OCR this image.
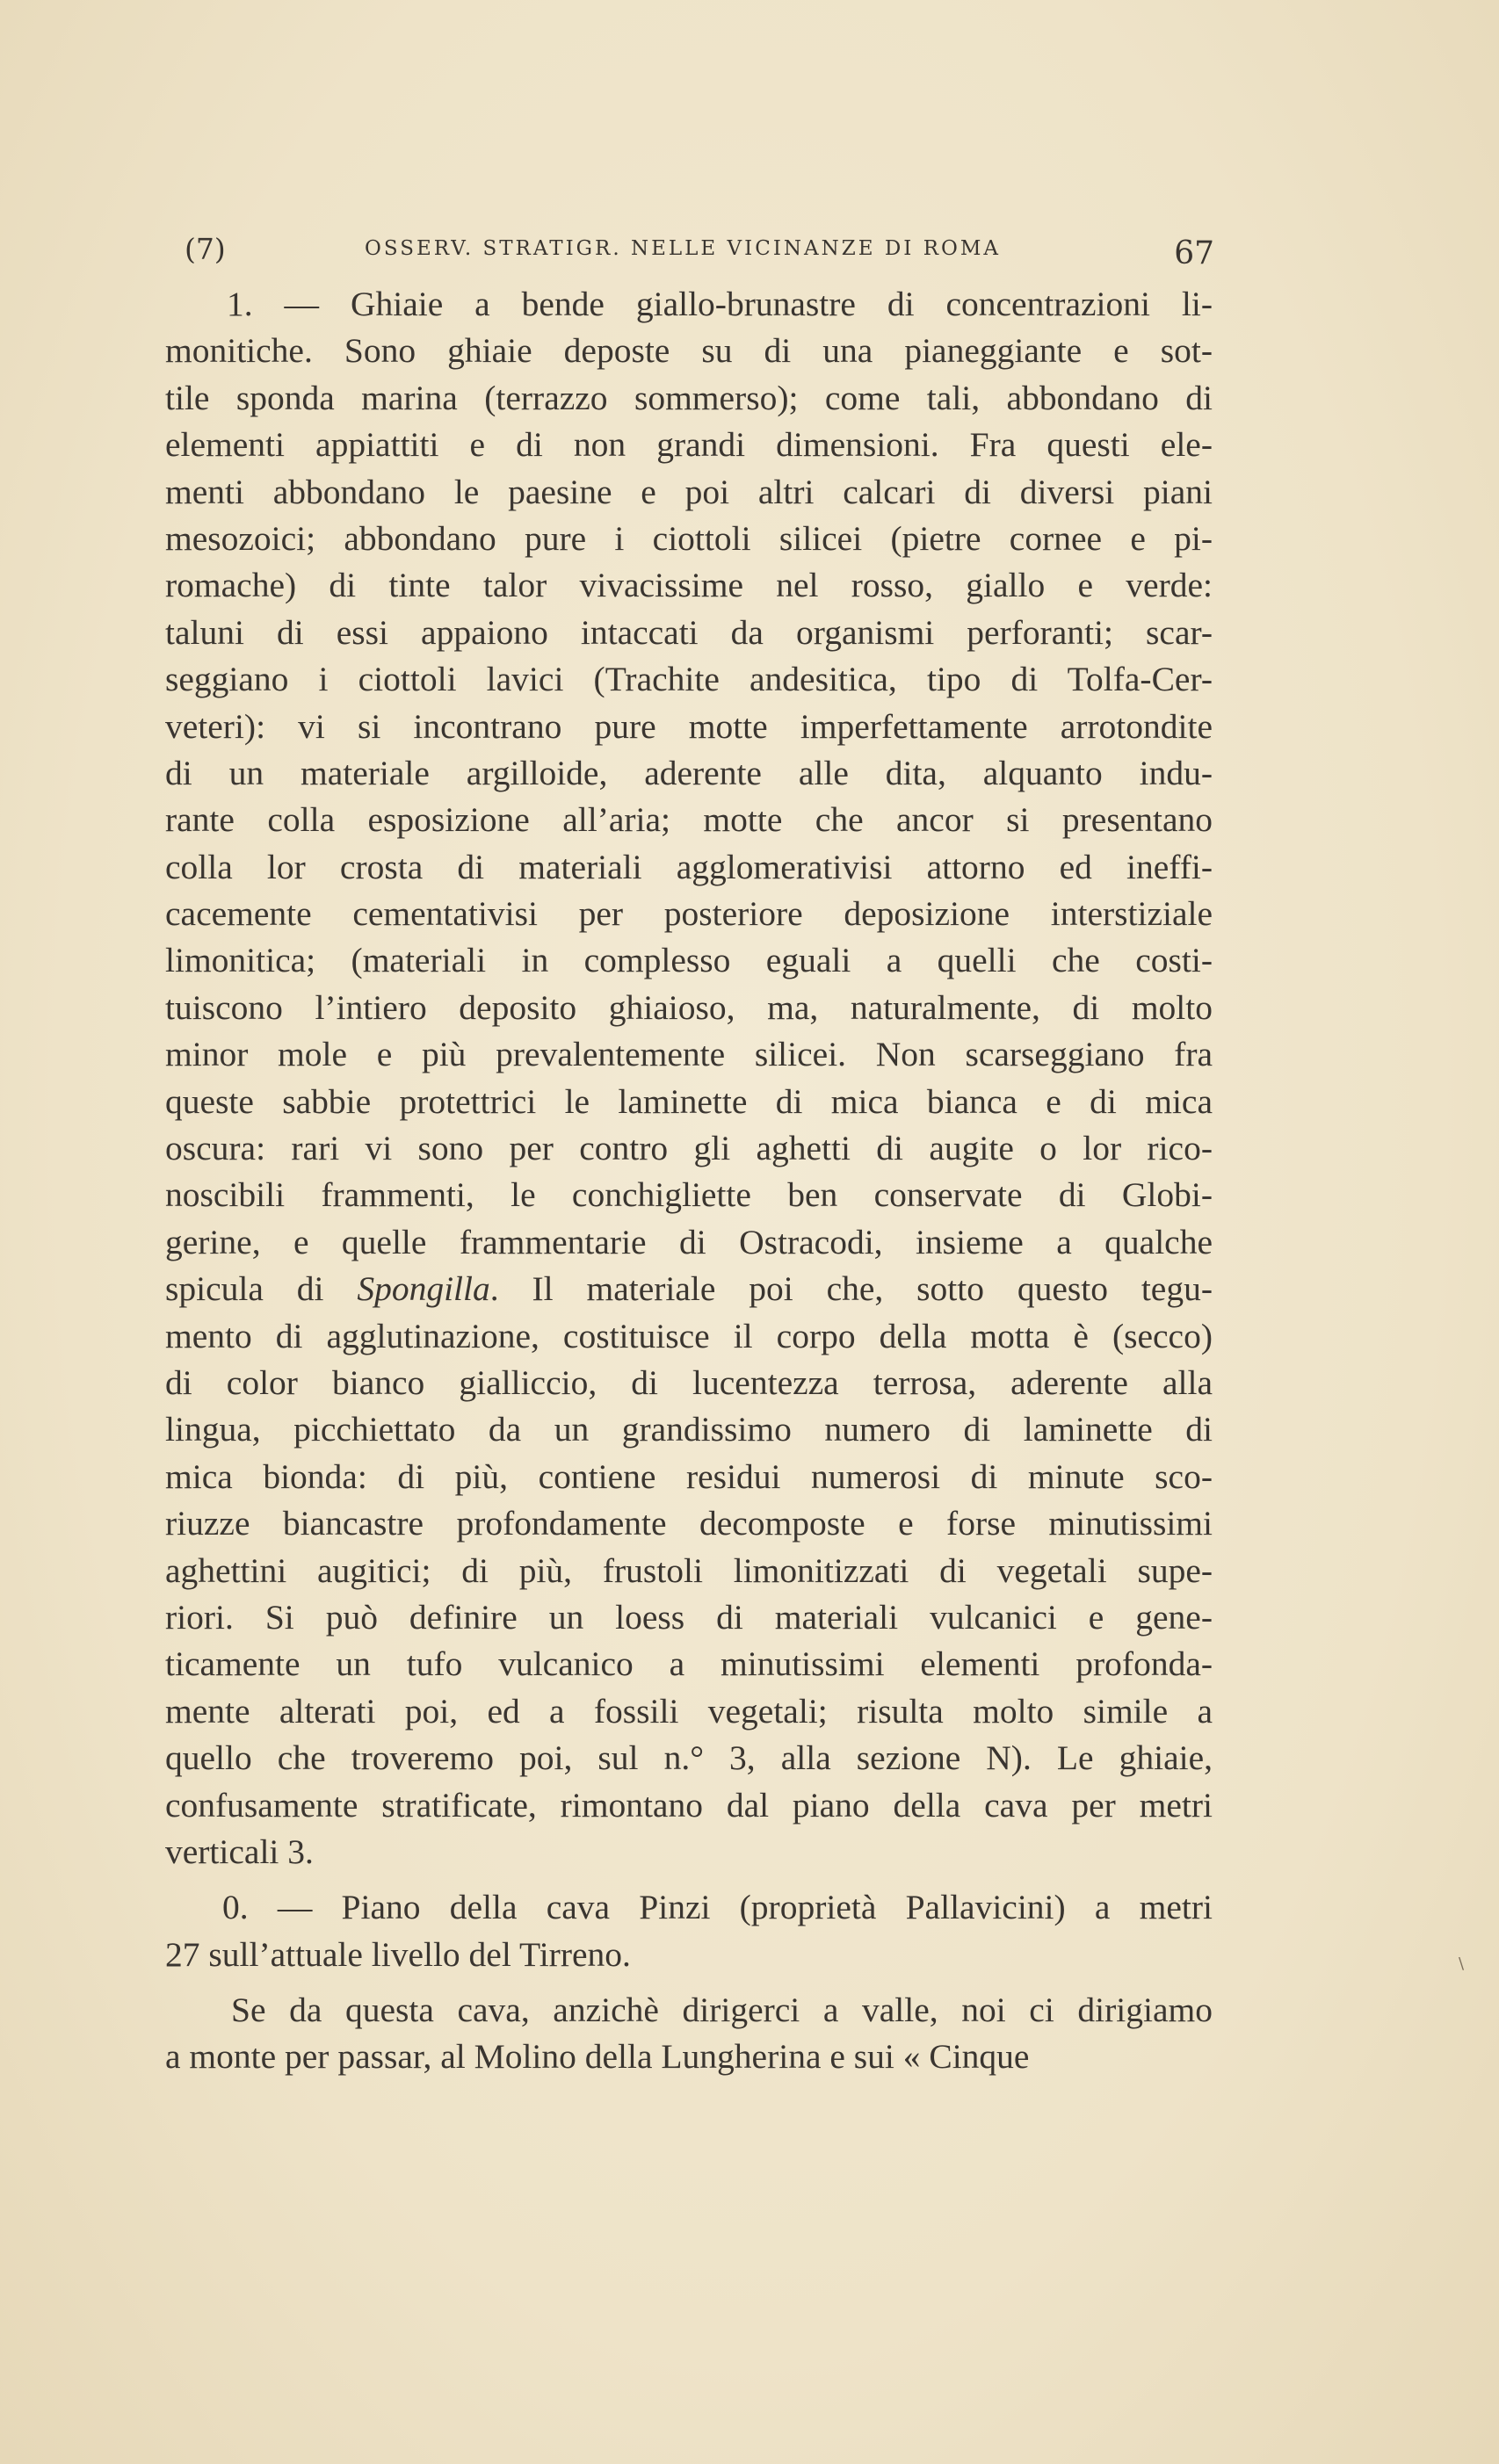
(7)	OSSERV. STRATIGR. NELLE VICINANZE DI ROMA	67
1. — Ghiaie a bende giallo-brunastre di concentrazioni li-
monitiche. Sono ghiaie deposte su di una pianeggiante e sot-
tile sponda marina (terrazzo sommerso); come tali, abbondano di
elementi appiattiti e di non grandi dimensioni. Fra questi ele-
menti abbondano le paesine e poi altri calcari di diversi piani
mesozoici; abbondano pure i ciottoli silicei (pietre cornee e pi-
romache) di tinte talor vivacissime nel rosso, giallo e verde:
taluni di essi appaiono intaccati da organismi perforanti; scar-
seggiano i ciottoli lavici (Trachite andesitica, tipo di Tolfa-Cer-
veteri): vi si incontrano pure motte imperfettamente arrotondite
di un materiale argilloide, aderente alle dita, alquanto indu-
rante colla esposizione all’aria; motte che ancor si presentano
colla lor crosta di materiali agglomerativisi attorno ed ineffi-
cacemente cementativisi per posteriore deposizione interstiziale
limonitica; (materiali in complesso eguali a quelli che costi-
tuiscono l’intiero deposito ghiaioso, ma, naturalmente, di molto
minor mole e più prevalentemente silicei. Non scarseggiano fra
queste sabbie protettrici le laminette di mica bianca e di mica
oscura: rari vi sono per contro gli aghetti di augite o lor rico-
noscibili frammenti, le conchigliette ben conservate di Globi-
gerine, e quelle frammentarie di Ostracodi, insieme a qualche
spicula di Spongilla. Il materiale poi che, sotto questo tegu-
mento di agglutinazione, costituisce il corpo della motta è (secco)
di color bianco gialliccio, di lucentezza terrosa, aderente alla
lingua, picchiettato da un grandissimo numero di laminette di
mica bionda: di più, contiene residui numerosi di minute sco-
riuzze biancastre profondamente decomposte e forse minutissimi
aghettini augitici; di più, frustoli limonitizzati di vegetali supe-
riori. Si può definire un loess di materiali vulcanici e gene-
ticamente un tufo vulcanico a minutissimi elementi profonda-
mente alterati poi, ed a fossili vegetali; risulta molto simile a
quello che troveremo poi, sul n.° 3, alla sezione N). Le ghiaie,
confusamente stratificate, rimontano dal piano della cava per metri
verticali 3.
0. — Piano della cava Pinzi (proprietà Pallavicini) a metri
27 sull’attuale livello del Tirreno.
Se da questa cava, anzichè dirigerci a valle, noi ci dirigiamo
a monte per passar, al Molino della Lungherina e sui « Cinque
\
